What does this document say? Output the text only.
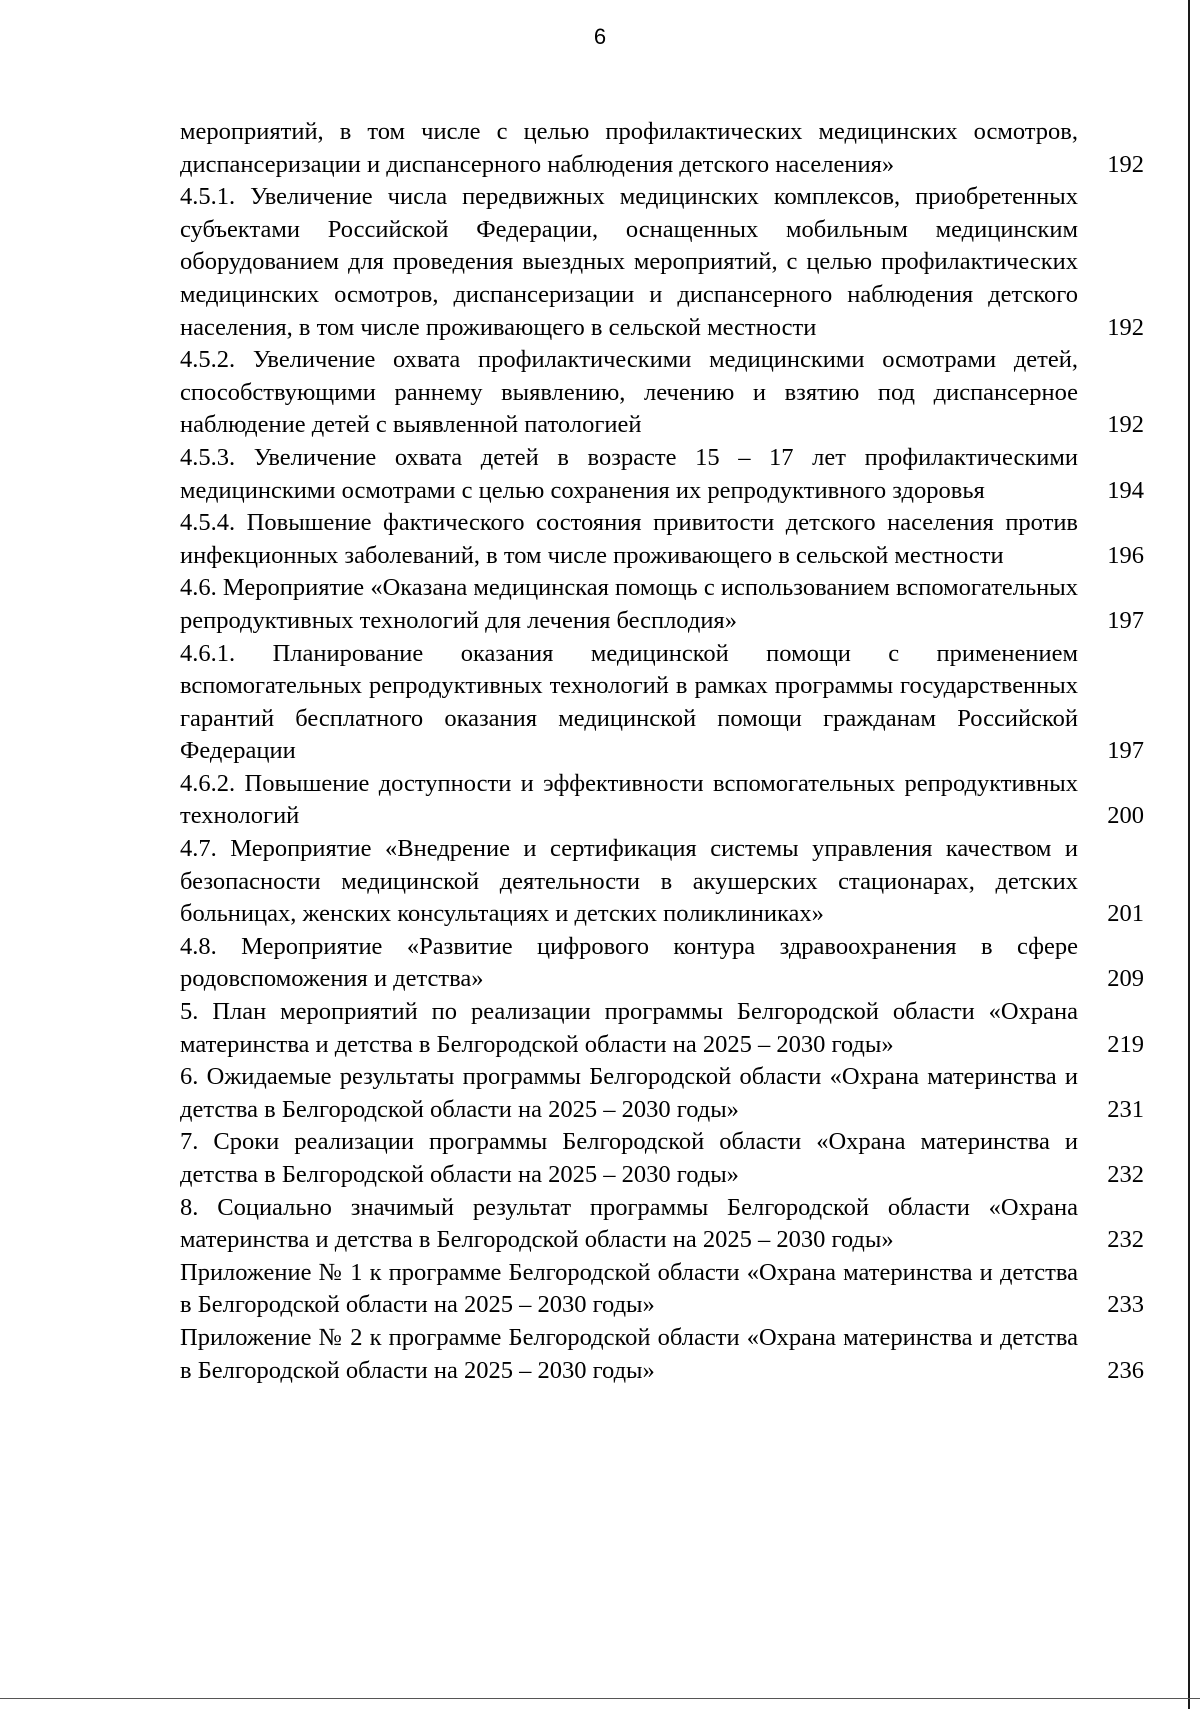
6
мероприятий, в том числе с целью профилактических медицинских осмотров, диспансеризации и диспансерного наблюдения детского населения»	192
4.5.1. Увеличение числа передвижных медицинских комплексов, приобретенных субъектами Российской Федерации, оснащенных мобильным медицинским оборудованием для проведения выездных мероприятий, с целью профилактических медицинских осмотров, диспансеризации и диспансерного наблюдения детского населения, в том числе проживающего в сельской местности	192
4.5.2. Увеличение охвата профилактическими медицинскими осмотрами детей, способствующими раннему выявлению, лечению и взятию под диспансерное наблюдение детей с выявленной патологией	192
4.5.3. Увеличение охвата детей в возрасте 15 – 17 лет профилактическими медицинскими осмотрами с целью сохранения их репродуктивного здоровья	194
4.5.4. Повышение фактического состояния привитости детского населения против инфекционных заболеваний, в том числе проживающего в сельской местности	196
4.6. Мероприятие «Оказана медицинская помощь с использованием вспомогательных репродуктивных технологий для лечения бесплодия»	197
4.6.1. Планирование оказания медицинской помощи с применением вспомогательных репродуктивных технологий в рамках программы государственных гарантий бесплатного оказания медицинской помощи гражданам Российской Федерации	197
4.6.2. Повышение доступности и эффективности вспомогательных репродуктивных технологий	200
4.7. Мероприятие «Внедрение и сертификация системы управления качеством и безопасности медицинской деятельности в акушерских стационарах, детских больницах, женских консультациях и детских поликлиниках»	201
4.8. Мероприятие «Развитие цифрового контура здравоохранения в сфере родовспоможения и детства»	209
5. План мероприятий по реализации программы Белгородской области «Охрана материнства и детства в Белгородской области на 2025 – 2030 годы»	219
6. Ожидаемые результаты программы Белгородской области «Охрана материнства и детства в Белгородской области на 2025 – 2030 годы»	231
7. Сроки реализации программы Белгородской области «Охрана материнства и детства в Белгородской области на 2025 – 2030 годы»	232
8. Социально значимый результат программы Белгородской области «Охрана материнства и детства в Белгородской области на 2025 – 2030 годы»	232
Приложение № 1 к программе Белгородской области «Охрана материнства и детства в Белгородской области на 2025 – 2030 годы»	233
Приложение № 2 к программе Белгородской области «Охрана материнства и детства в Белгородской области на 2025 – 2030 годы»	236
